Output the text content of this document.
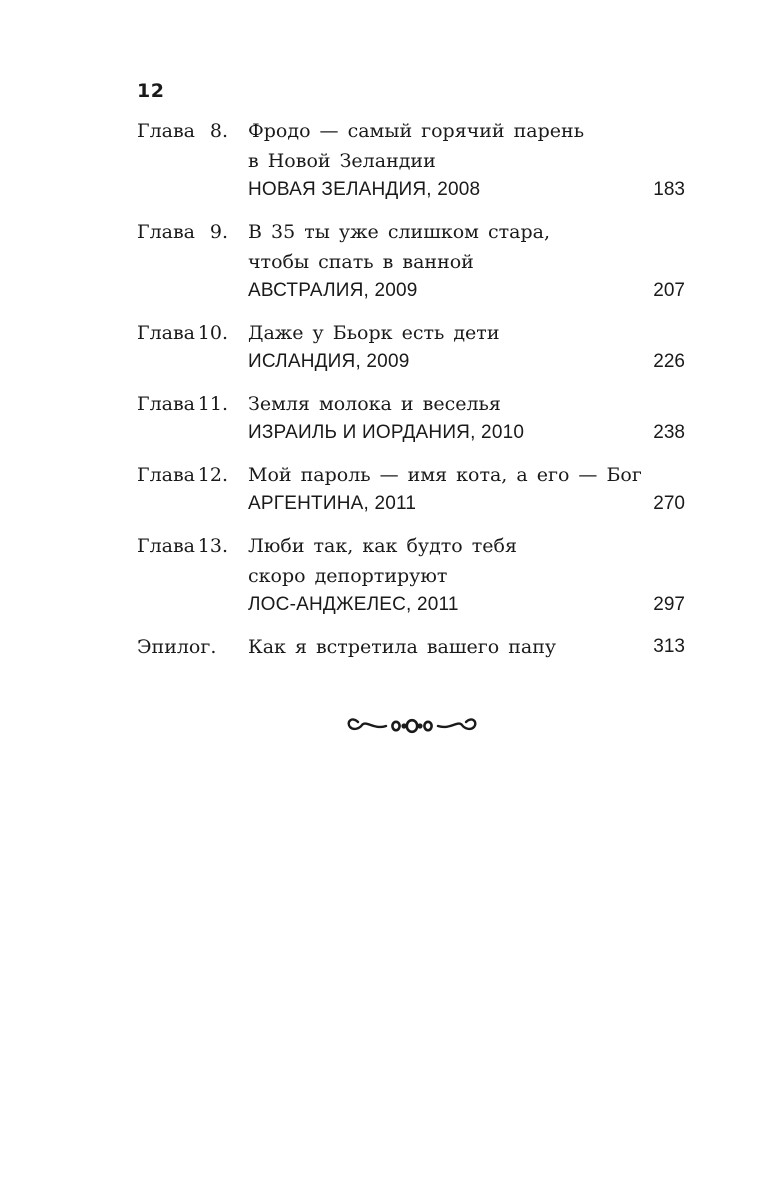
12
Глава 8. Фродо — самый горячий парень
в Новой Зеландии
НОВАЯ ЗЕЛАНДИЯ, 2008	183
Глава 9. В 35 ты уже слишком стара,
чтобы спать в ванной
АВСТРАЛИЯ, 2009	207
Глава 10. Даже у Бьорк есть дети
ИСЛАНДИЯ, 2009	226
Глава 11. Земля молока и веселья
ИЗРАИЛЬ И ИОРДАНИЯ, 2010	238
Глава 12. Мой пароль — имя кота, а его — Бог
АРГЕНТИНА, 2011	270
Глава 13. Люби так, как будто тебя
скоро депортируют
ЛОС-АНДЖЕЛЕС, 2011	297
Эпилог. Как я встретила вашего папу	313
